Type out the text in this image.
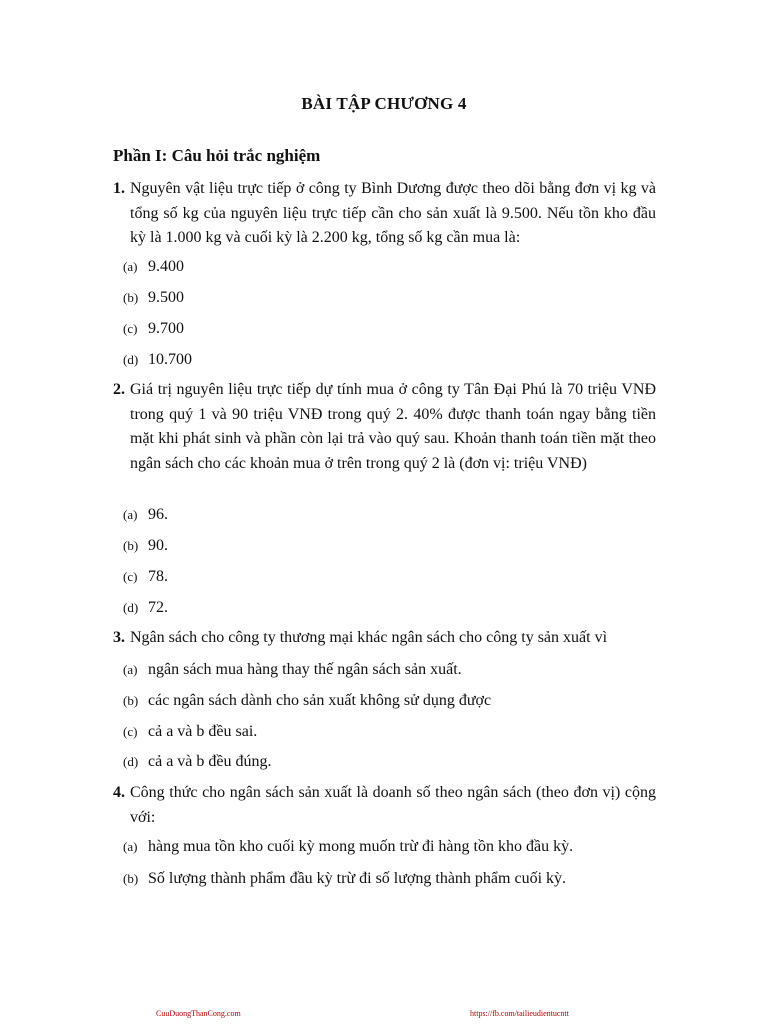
BÀI TẬP CHƯƠNG 4
Phần I: Câu hỏi trắc nghiệm
1. Nguyên vật liệu trực tiếp ở công ty Bình Dương được theo dõi bằng đơn vị kg và tổng số kg của nguyên liệu trực tiếp cần cho sản xuất là 9.500. Nếu tồn kho đầu kỳ là 1.000 kg và cuối kỳ là 2.200 kg, tổng số kg cần mua là:
(a) 9.400
(b) 9.500
(c) 9.700
(d) 10.700
2. Giá trị nguyên liệu trực tiếp dự tính mua ở công ty Tân Đại Phú là 70 triệu VNĐ trong quý 1 và 90 triệu VNĐ trong quý 2. 40% được thanh toán ngay bằng tiền mặt khi phát sinh và phần còn lại trả vào quý sau. Khoản thanh toán tiền mặt theo ngân sách cho các khoản mua ở trên trong quý 2 là (đơn vị: triệu VNĐ)
(a) 96.
(b) 90.
(c) 78.
(d) 72.
3. Ngân sách cho công ty thương mại khác ngân sách cho công ty sản xuất vì
(a) ngân sách mua hàng thay thế ngân sách sản xuất.
(b) các ngân sách dành cho sản xuất không sử dụng được
(c) cả a và b đều sai.
(d) cả a và b đều đúng.
4. Công thức cho ngân sách sản xuất là doanh số theo ngân sách (theo đơn vị) cộng với:
(a) hàng mua tồn kho cuối kỳ mong muốn trừ đi hàng tồn kho đầu kỳ.
(b) Số lượng thành phẩm đầu kỳ trừ đi số lượng thành phẩm cuối kỳ.
CuuDuongThanCong.com	https://fb.com/tailieudientucntt
